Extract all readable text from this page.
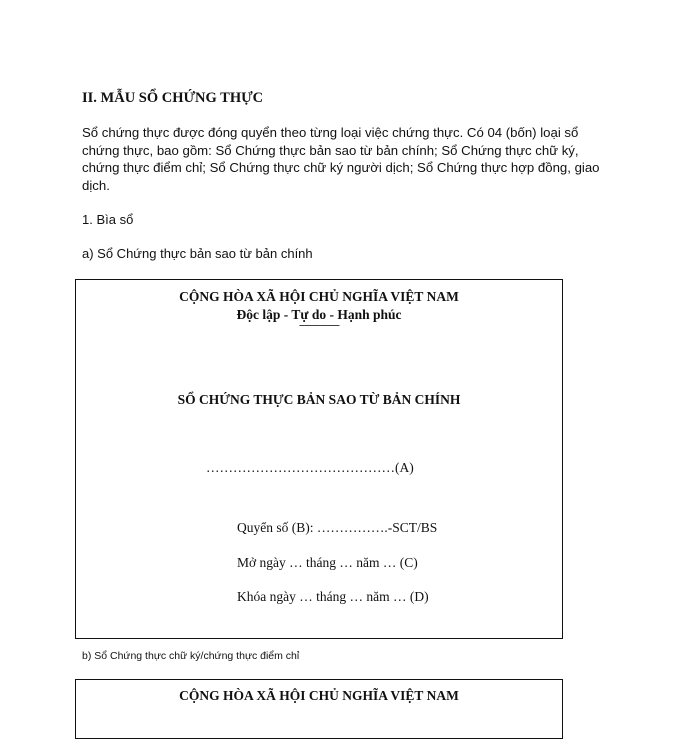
II. MẪU SỔ CHỨNG THỰC
Sổ chứng thực được đóng quyển theo từng loại việc chứng thực. Có 04 (bốn) loại sổ chứng thực, bao gồm: Sổ Chứng thực bản sao từ bản chính; Sổ Chứng thực chữ ký, chứng thực điểm chỉ; Sổ Chứng thực chữ ký người dịch; Sổ Chứng thực hợp đồng, giao dịch.
1. Bìa sổ
a) Sổ Chứng thực bản sao từ bản chính
CỘNG HÒA XÃ HỘI CHỦ NGHĨA VIỆT NAM
Độc lập - Tự do - Hạnh phúc
---------------
SỔ CHỨNG THỰC BẢN SAO TỪ BẢN CHÍNH
……………………………………(A)
Quyển số (B): …………….-SCT/BS
Mở ngày … tháng … năm … (C)
Khóa ngày … tháng … năm … (D)
b) Sổ Chứng thực chữ ký/chứng thực điểm chỉ
CỘNG HÒA XÃ HỘI CHỦ NGHĨA VIỆT NAM
